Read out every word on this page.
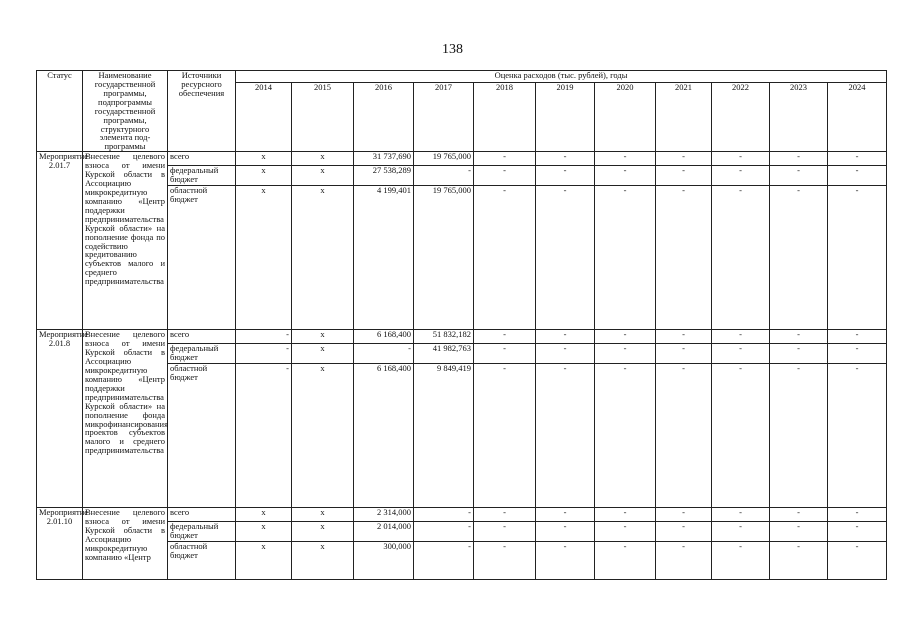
138
Статус	Наименование государственной программы, подпрограммы государственной программы, структурного элемента под-программы	Источники ресурсного обеспечения	Оценка расходов (тыс. рублей), годы										
			2014	2015	2016	2017	2018	2019	2020	2021	2022	2023	2024
Мероприятие 2.01.7	Внесение целевого взноса от имени Курской области в Ассоциацию микрокредитную компанию «Центр поддержки предпринимательства Курской области» на пополнение фонда по содействию кредитованию субъектов малого и среднего предпринимательства	всего	x	x	31 737,690	19 765,000	-	-	-	-	-	-	-
		федеральный бюджет	x	x	27 538,289	-	-	-	-	-	-	-	-
		областной бюджет	x	x	4 199,401	19 765,000	-	-	-	-	-	-	-
Мероприятие 2.01.8	Внесение целевого взноса от имени Курской области в Ассоциацию микрокредитную компанию «Центр поддержки предпринимательства Курской области» на пополнение фонда микрофинансирования проектов субъектов малого и среднего предпринимательства	всего	-	x	6 168,400	51 832,182	-	-	-	-	-	-	-
		федеральный бюджет	-	x	-	41 982,763	-	-	-	-	-	-	-
		областной бюджет	-	x	6 168,400	9 849,419	-	-	-	-	-	-	-
Мероприятие 2.01.10	Внесение целевого взноса от имени Курской области в Ассоциацию микрокредитную компанию «Центр	всего	x	x	2 314,000	-	-	-	-	-	-	-	-
		федеральный бюджет	x	x	2 014,000	-	-	-	-	-	-	-	-
		областной бюджет	x	x	300,000	-	-	-	-	-	-	-	-
